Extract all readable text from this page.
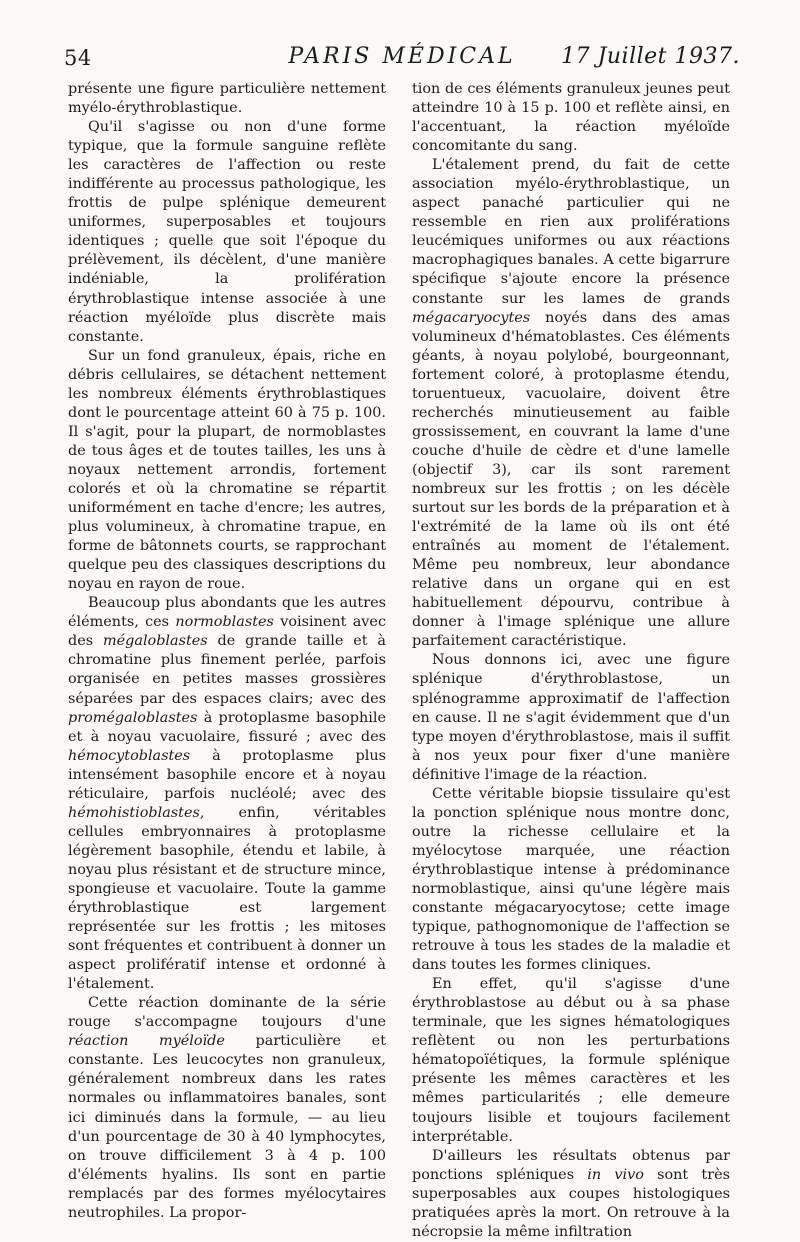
54	PARIS MÉDICAL	17 Juillet 1937.

présente une figure particulière nettement myélo-érythroblastique.

Qu'il s'agisse ou non d'une forme typique, que la formule sanguine reflète les caractères de l'affection ou reste indifférente au processus pathologique, les frottis de pulpe splénique demeurent uniformes, superposables et toujours identiques ; quelle que soit l'époque du prélèvement, ils décèlent, d'une manière indéniable, la prolifération érythroblastique intense associée à une réaction myéloïde plus discrète mais constante.

Sur un fond granuleux, épais, riche en débris cellulaires, se détachent nettement les nombreux éléments érythroblastiques dont le pourcentage atteint 60 à 75 p. 100. Il s'agit, pour la plupart, de normoblastes de tous âges et de toutes tailles, les uns à noyaux nettement arrondis, fortement colorés et où la chromatine se répartit uniformément en tache d'encre; les autres, plus volumineux, à chromatine trapue, en forme de bâtonnets courts, se rapprochant quelque peu des classiques descriptions du noyau en rayon de roue.

Beaucoup plus abondants que les autres éléments, ces normoblastes voisinent avec des mégaloblastes de grande taille et à chromatine plus finement perlée, parfois organisée en petites masses grossières séparées par des espaces clairs; avec des promégaloblastes à protoplasme basophile et à noyau vacuolaire, fissuré ; avec des hémocytoblastes à protoplasme plus intensément basophile encore et à noyau réticulaire, parfois nucléolé; avec des hémohistioblastes, enfin, véritables cellules embryonnaires à protoplasme légèrement basophile, étendu et labile, à noyau plus résistant et de structure mince, spongieuse et vacuolaire. Toute la gamme érythroblastique est largement représentée sur les frottis ; les mitoses sont fréquentes et contribuent à donner un aspect prolifératif intense et ordonné à l'étalement.

Cette réaction dominante de la série rouge s'accompagne toujours d'une réaction myéloïde particulière et constante. Les leucocytes non granuleux, généralement nombreux dans les rates normales ou inflammatoires banales, sont ici diminués dans la formule, — au lieu d'un pourcentage de 30 à 40 lymphocytes, on trouve difficilement 3 à 4 p. 100 d'éléments hyalins. Ils sont en partie remplacés par des formes myélocytaires neutrophiles. La propor-

tion de ces éléments granuleux jeunes peut atteindre 10 à 15 p. 100 et reflète ainsi, en l'accentuant, la réaction myéloïde concomitante du sang.

L'étalement prend, du fait de cette association myélo-érythroblastique, un aspect panaché particulier qui ne ressemble en rien aux proliférations leucémiques uniformes ou aux réactions macrophagiques banales. A cette bigarrure spécifique s'ajoute encore la présence constante sur les lames de grands mégacaryocytes noyés dans des amas volumineux d'hématoblastes. Ces éléments géants, à noyau polylobé, bourgeonnant, fortement coloré, à protoplasme étendu, toruentueux, vacuolaire, doivent être recherchés minutieusement au faible grossissement, en couvrant la lame d'une couche d'huile de cèdre et d'une lamelle (objectif 3), car ils sont rarement nombreux sur les frottis ; on les décèle surtout sur les bords de la préparation et à l'extrémité de la lame où ils ont été entraînés au moment de l'étalement. Même peu nombreux, leur abondance relative dans un organe qui en est habituellement dépourvu, contribue à donner à l'image splénique une allure parfaitement caractéristique.

Nous donnons ici, avec une figure splénique d'érythroblastose, un splénogramme approximatif de l'affection en cause. Il ne s'agit évidemment que d'un type moyen d'érythroblastose, mais il suffit à nos yeux pour fixer d'une manière définitive l'image de la réaction.

Cette véritable biopsie tissulaire qu'est la ponction splénique nous montre donc, outre la richesse cellulaire et la myélocytose marquée, une réaction érythroblastique intense à prédominance normoblastique, ainsi qu'une légère mais constante mégacaryocytose; cette image typique, pathognomonique de l'affection se retrouve à tous les stades de la maladie et dans toutes les formes cliniques.

En effet, qu'il s'agisse d'une érythroblastose au début ou à sa phase terminale, que les signes hématologiques reflètent ou non les perturbations hématopoïétiques, la formule splénique présente les mêmes caractères et les mêmes particularités ; elle demeure toujours lisible et toujours facilement interprétable.

D'ailleurs les résultats obtenus par ponctions spléniques in vivo sont très superposables aux coupes histologiques pratiquées après la mort. On retrouve à la nécropsie la même infiltration
